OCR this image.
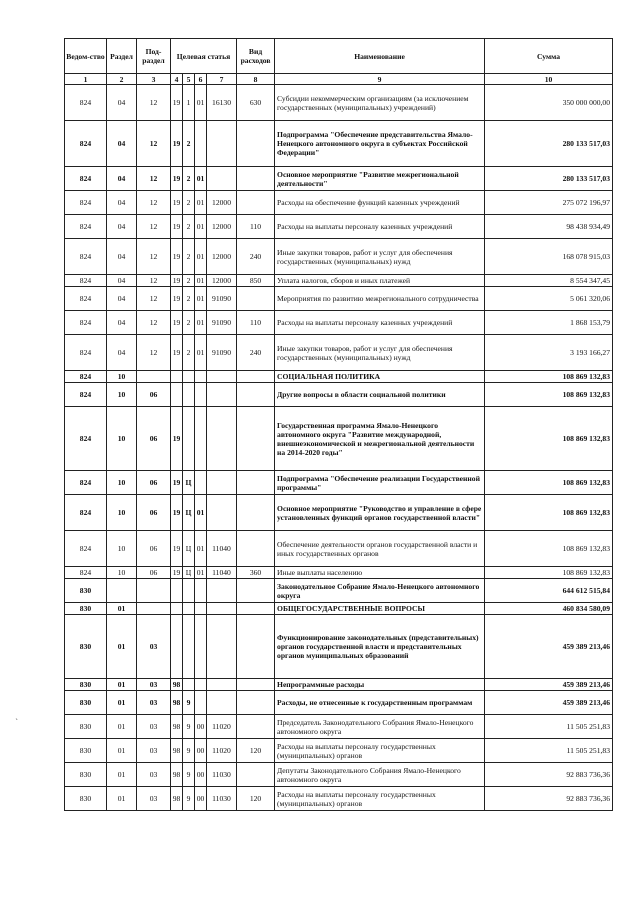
Ведом-ство	Раздел	Под-раздел	Целевая статья				Вид расходов	Наименование	Сумма
1	2	3	4	5	6	7	8	9	10
824	04	12	19	1	01	16130	630	Субсидии некоммерческим организациям (за исключением государственных (муниципальных) учреждений)	350 000 000,00
824	04	12	19	2				Подпрограмма "Обеспечение представительства Ямало-Ненецкого автономного округа в субъектах Российской Федерации"	280 133 517,03
824	04	12	19	2	01			Основное мероприятие "Развитие межрегиональной деятельности"	280 133 517,03
824	04	12	19	2	01	12000		Расходы на обеспечение функций казенных учреждений	275 072 196,97
824	04	12	19	2	01	12000	110	Расходы на выплаты персоналу казенных учреждений	98 438 934,49
824	04	12	19	2	01	12000	240	Иные закупки товаров, работ и услуг для обеспечения государственных (муниципальных) нужд	168 078 915,03
824	04	12	19	2	01	12000	850	Уплата налогов, сборов и иных платежей	8 554 347,45
824	04	12	19	2	01	91090		Мероприятия по развитию межрегионального сотрудничества	5 061 320,06
824	04	12	19	2	01	91090	110	Расходы на выплаты персоналу казенных учреждений	1 868 153,79
824	04	12	19	2	01	91090	240	Иные закупки товаров, работ и услуг для обеспечения государственных (муниципальных) нужд	3 193 166,27
824	10							СОЦИАЛЬНАЯ ПОЛИТИКА	108 869 132,83
824	10	06						Другие вопросы в области социальной политики	108 869 132,83
824	10	06	19					Государственная программа Ямало-Ненецкого автономного округа "Развитие международной, внешнеэкономической и межрегиональной деятельности на 2014-2020 годы"	108 869 132,83
824	10	06	19	Ц				Подпрограмма "Обеспечение реализации Государственной программы"	108 869 132,83
824	10	06	19	Ц	01			Основное мероприятие "Руководство и управление в сфере установленных функций органов государственной власти"	108 869 132,83
824	10	06	19	Ц	01	11040		Обеспечение деятельности органов государственной власти и иных государственных органов	108 869 132,83
824	10	06	19	Ц	01	11040	360	Иные выплаты населению	108 869 132,83
830								Законодательное Собрание Ямало-Ненецкого автономного округа	644 612 515,84
830	01							ОБЩЕГОСУДАРСТВЕННЫЕ ВОПРОСЫ	460 834 580,09
830	01	03						Функционирование законодательных (представительных) органов государственной власти и представительных органов муниципальных образований	459 389 213,46
830	01	03	98					Непрограммные расходы	459 389 213,46
830	01	03	98	9				Расходы, не отнесенные к государственным программам	459 389 213,46
830	01	03	98	9	00	11020		Председатель Законодательного Собрания Ямало-Ненецкого автономного округа	11 505 251,83
830	01	03	98	9	00	11020	120	Расходы на выплаты персоналу государственных (муниципальных) органов	11 505 251,83
830	01	03	98	9	00	11030		Депутаты Законодательного Собрания Ямало-Ненецкого автономного округа	92 883 736,36
830	01	03	98	9	00	11030	120	Расходы на выплаты персоналу государственных (муниципальных) органов	92 883 736,36
`
